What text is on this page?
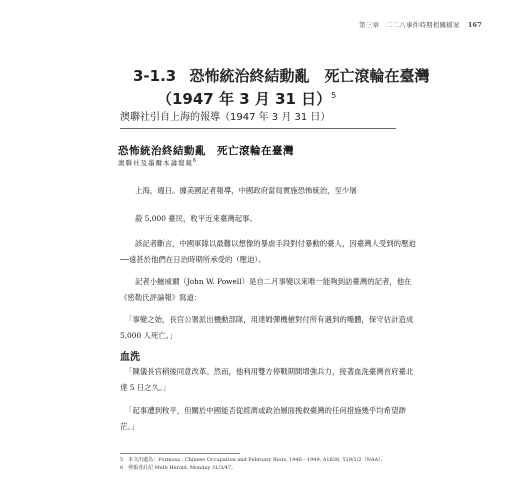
第三章　二二八事件時期相關檔案 167
3-1.3 恐怖統治終結動亂　死亡滾輪在臺灣
（1947 年 3 月 31 日）$^5$
澳聯社引自上海的報導（1947 年 3 月 31 日）
恐怖統治終結動亂　死亡滾輪在臺灣
澳聯社及墨爾本論壇報$^6$
上海，週日。據美國記者報導，中國政府當局實施恐怖統治，至少屠
殺 5,000 臺民，敉平近來臺灣起事。
該記者斷言，中國軍隊以最難以想像的暴虐手段對付暴動的臺人，因臺灣人受到的壓迫──遠甚於他們在日治時期所承受的（壓迫）。
記者小鮑威爾（John W. Powell）是自二月事變以來唯一能夠到訪臺灣的記者，他在《密勒氏評論報》寫道：
「事變之始，長官公署派出機動部隊，用達姆彈機槍對付所有遇到的嘴體，保守估計造成 5,000 人死亡。」
血洗
「陳儀長官稍後同意改革。然而，他利用雙方停戰期間增強兵力，接著血洗臺灣首府臺北達 5 日之久。」
「起事遭到敉平，但關於中國能否從經濟或政治層面挽救臺灣的任何措施幾乎均希望渺茫。」
5　本文出處為：Formosa , Chinese Occupation and February Riots, 1946－1949, A1838, 519/1/2（NAA）。
6　剪報者註記 Melb Herald, Monday 31/3/47。
